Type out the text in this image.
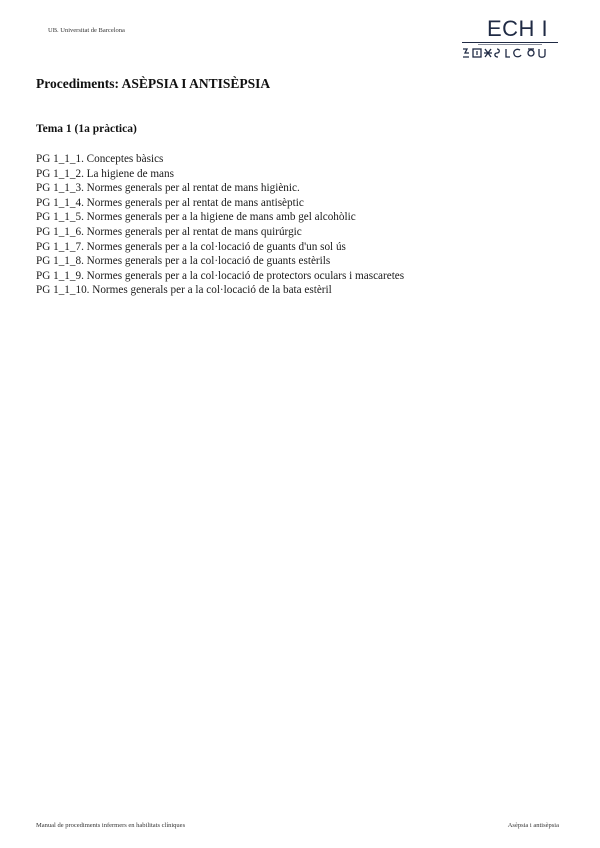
UB. Universitat de Barcelona	ECH I
Procediments: ASÈPSIA I ANTISÈPSIA
Tema 1 (1a pràctica)
PG 1_1_1. Conceptes bàsics
PG 1_1_2. La higiene de mans
PG 1_1_3. Normes generals per al rentat de mans higiènic.
PG 1_1_4. Normes generals per al rentat de mans antisèptic
PG 1_1_5. Normes generals per a la higiene de mans amb gel alcohòlic
PG 1_1_6. Normes generals per al rentat de mans quirúrgic
PG 1_1_7. Normes generals per a la col·locació de guants d'un sol ús
PG 1_1_8. Normes generals per a la col·locació de guants estèrils
PG 1_1_9. Normes generals per a la col·locació de protectors oculars i mascaretes
PG 1_1_10. Normes generals per a la col·locació de la bata estèril
Manual de procediments infermers en habilitats clíniques	Asèpsia i antisèpsia
